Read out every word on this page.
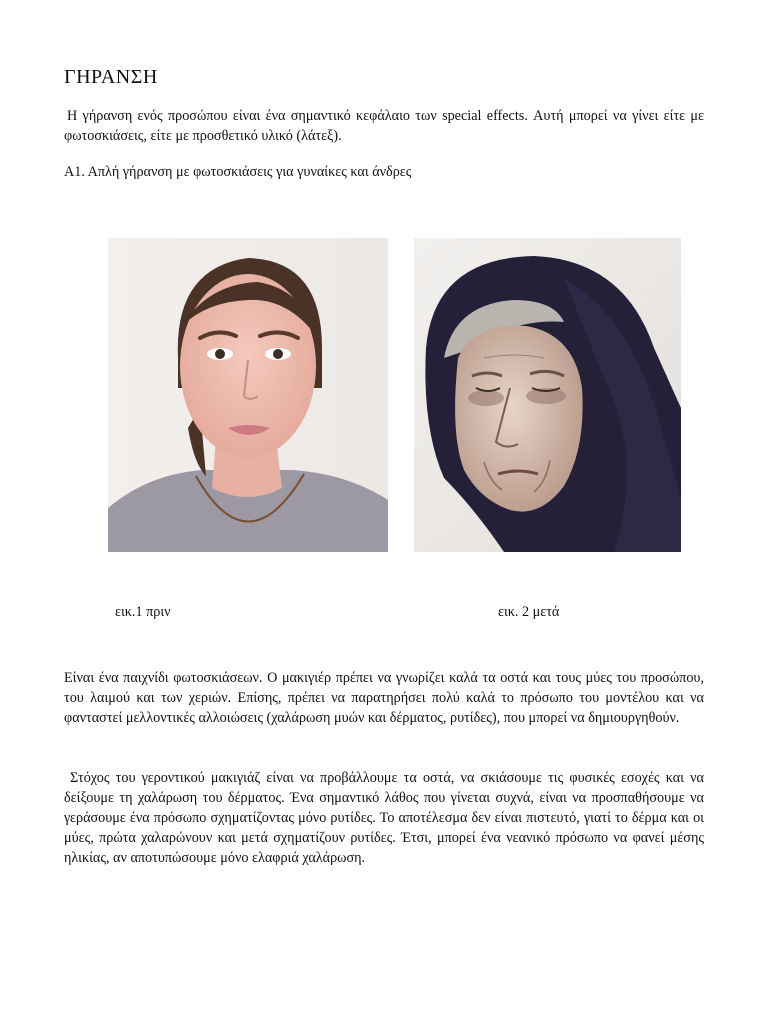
ΓΗΡΑΝΣΗ
Η γήρανση ενός προσώπου είναι ένα σημαντικό κεφάλαιο των special effects. Αυτή μπορεί να γίνει είτε με φωτοσκιάσεις, είτε με προσθετικό υλικό (λάτεξ).
Α1. Απλή γήρανση με φωτοσκιάσεις για γυναίκες και άνδρες
εικ.1 πριν	εικ. 2 μετά
Είναι ένα παιχνίδι φωτοσκιάσεων. Ο μακιγιέρ πρέπει να γνωρίζει καλά τα οστά και τους μύες του προσώπου, του λαιμού και των χεριών. Επίσης, πρέπει να παρατηρήσει πολύ καλά το πρόσωπο του μοντέλου και να φανταστεί μελλοντικές αλλοιώσεις (χαλάρωση μυών και δέρματος, ρυτίδες), που μπορεί να δημιουργηθούν.
Στόχος του γεροντικού μακιγιάζ είναι να προβάλλουμε τα οστά, να σκιάσουμε τις φυσικές εσοχές και να δείξουμε τη χαλάρωση του δέρματος. Ένα σημαντικό λάθος που γίνεται συχνά, είναι να προσπαθήσουμε να γεράσουμε ένα πρόσωπο σχηματίζοντας μόνο ρυτίδες. Το αποτέλεσμα δεν είναι πιστευτό, γιατί το δέρμα και οι μύες, πρώτα χαλαρώνουν και μετά σχηματίζουν ρυτίδες. Έτσι, μπορεί ένα νεανικό πρόσωπο να φανεί μέσης ηλικίας, αν αποτυπώσουμε μόνο ελαφριά χαλάρωση.
